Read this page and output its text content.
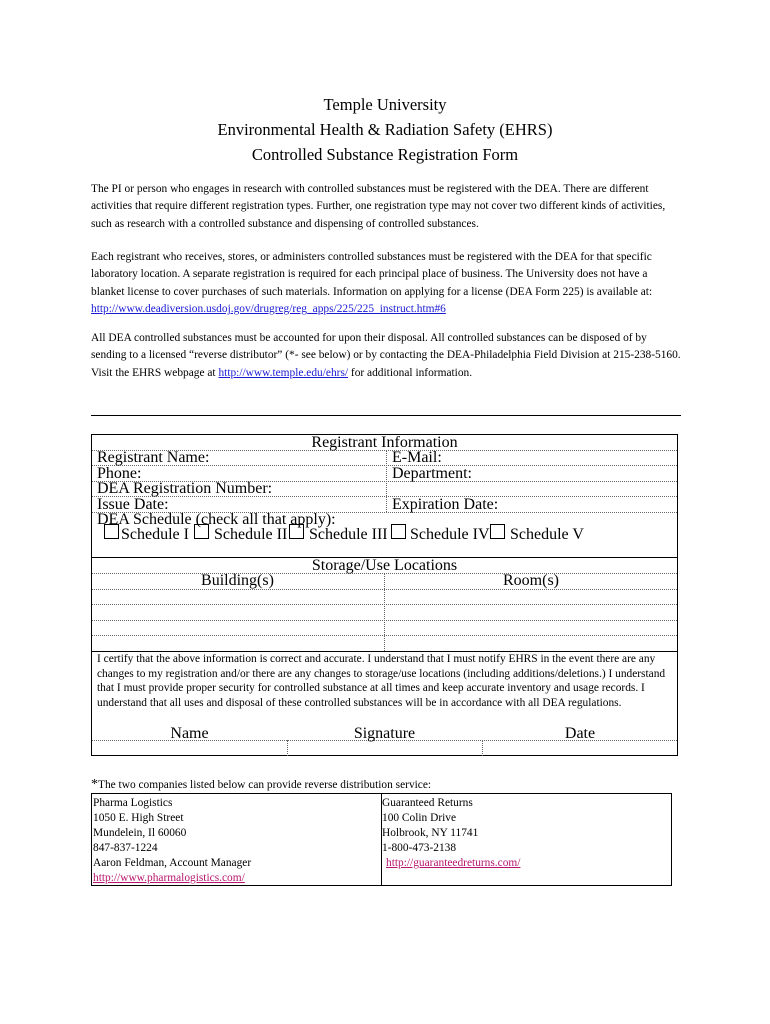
Temple University
Environmental Health & Radiation Safety (EHRS)
Controlled Substance Registration Form

The PI or person who engages in research with controlled substances must be registered with the DEA. There are different activities that require different registration types. Further, one registration type may not cover two different kinds of activities, such as research with a controlled substance and dispensing of controlled substances.

Each registrant who receives, stores, or administers controlled substances must be registered with the DEA for that specific laboratory location. A separate registration is required for each principal place of business. The University does not have a blanket license to cover purchases of such materials. Information on applying for a license (DEA Form 225) is available at: http://www.deadiversion.usdoj.gov/drugreg/reg_apps/225/225_instruct.htm#6

All DEA controlled substances must be accounted for upon their disposal. All controlled substances can be disposed of by sending to a licensed “reverse distributor” (*- see below) or by contacting the DEA-Philadelphia Field Division at 215-238-5160. Visit the EHRS webpage at http://www.temple.edu/ehrs/ for additional information.

Registrant Information
Registrant Name:	E-Mail:
Phone:	Department:
DEA Registration Number:
Issue Date:	Expiration Date:
DEA Schedule (check all that apply):
Schedule I Schedule II Schedule III Schedule IV Schedule V
Storage/Use Locations
Building(s)	Room(s)

I certify that the above information is correct and accurate. I understand that I must notify EHRS in the event there are any changes to my registration and/or there are any changes to storage/use locations (including additions/deletions.) I understand that I must provide proper security for controlled substance at all times and keep accurate inventory and usage records. I understand that all uses and disposal of these controlled substances will be in accordance with all DEA regulations.

Name	Signature	Date
*The two companies listed below can provide reverse distribution service:
Pharma Logistics
1050 E. High Street
Mundelein, Il 60060
847-837-1224
Aaron Feldman, Account Manager
http://www.pharmalogistics.com/
Guaranteed Returns
100 Colin Drive
Holbrook, NY 11741
1-800-473-2138
http://guaranteedreturns.com/
